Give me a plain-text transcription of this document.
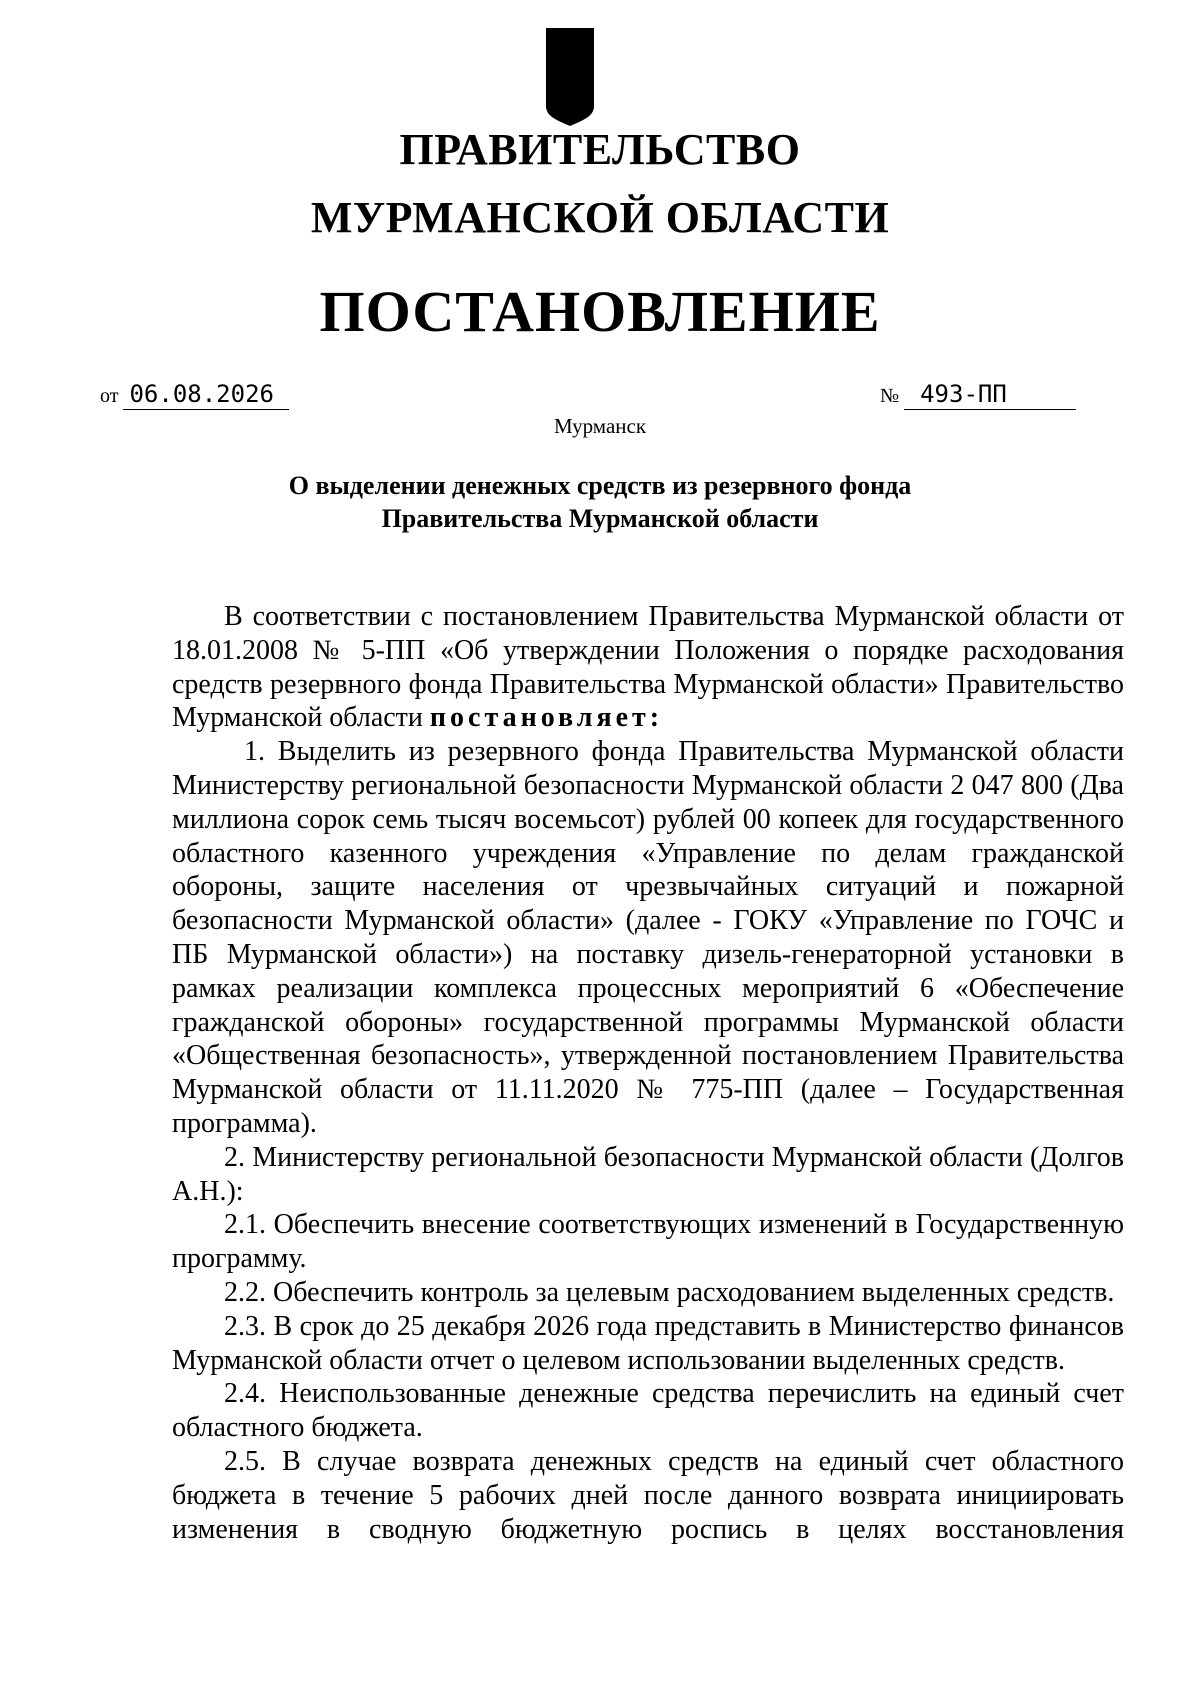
ПРАВИТЕЛЬСТВО
МУРМАНСКОЙ ОБЛАСТИ
ПОСТАНОВЛЕНИЕ
от 06.08.2026	№ 493-ПП
Мурманск
О выделении денежных средств из резервного фонда
Правительства Мурманской области

В соответствии с постановлением Правительства Мурманской области от 18.01.2008 № 5-ПП «Об утверждении Положения о порядке расходования средств резервного фонда Правительства Мурманской области» Правительство Мурманской области постановляет:

1. Выделить из резервного фонда Правительства Мурманской области Министерству региональной безопасности Мурманской области 2 047 800 (Два миллиона сорок семь тысяч восемьсот) рублей 00 копеек для государственного областного казенного учреждения «Управление по делам гражданской обороны, защите населения от чрезвычайных ситуаций и пожарной безопасности Мурманской области» (далее - ГОКУ «Управление по ГОЧС и ПБ Мурманской области») на поставку дизель-генераторной установки в рамках реализации комплекса процессных мероприятий 6 «Обеспечение гражданской обороны» государственной программы Мурманской области «Общественная безопасность», утвержденной постановлением Правительства Мурманской области от 11.11.2020 № 775-ПП (далее – Государственная программа).

2. Министерству региональной безопасности Мурманской области (Долгов А.Н.):

2.1. Обеспечить внесение соответствующих изменений в Государственную программу.

2.2. Обеспечить контроль за целевым расходованием выделенных средств.

2.3. В срок до 25 декабря 2026 года представить в Министерство финансов Мурманской области отчет о целевом использовании выделенных средств.

2.4. Неиспользованные денежные средства перечислить на единый счет областного бюджета.

2.5. В случае возврата денежных средств на единый счет областного бюджета в течение 5 рабочих дней после данного возврата инициировать изменения в сводную бюджетную роспись в целях восстановления
